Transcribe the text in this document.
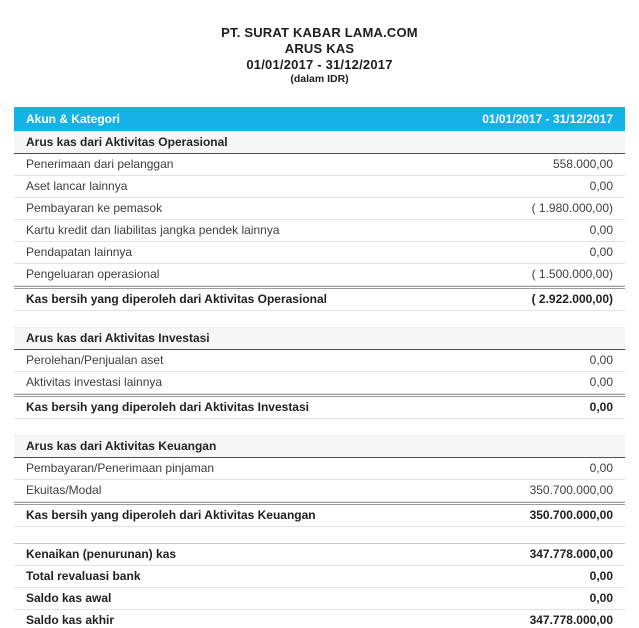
PT. SURAT KABAR LAMA.COM
ARUS KAS
01/01/2017 - 31/12/2017
(dalam IDR)
Akun & Kategori	01/01/2017 - 31/12/2017
Arus kas dari Aktivitas Operasional
Penerimaan dari pelanggan	558.000,00
Aset lancar lainnya	0,00
Pembayaran ke pemasok	( 1.980.000,00)
Kartu kredit dan liabilitas jangka pendek lainnya	0,00
Pendapatan lainnya	0,00
Pengeluaran operasional	( 1.500.000,00)
Kas bersih yang diperoleh dari Aktivitas Operasional	( 2.922.000,00)
Arus kas dari Aktivitas Investasi
Perolehan/Penjualan aset	0,00
Aktivitas investasi lainnya	0,00
Kas bersih yang diperoleh dari Aktivitas Investasi	0,00
Arus kas dari Aktivitas Keuangan
Pembayaran/Penerimaan pinjaman	0,00
Ekuitas/Modal	350.700.000,00
Kas bersih yang diperoleh dari Aktivitas Keuangan	350.700.000,00
Kenaikan (penurunan) kas	347.778.000,00
Total revaluasi bank	0,00
Saldo kas awal	0,00
Saldo kas akhir	347.778.000,00
